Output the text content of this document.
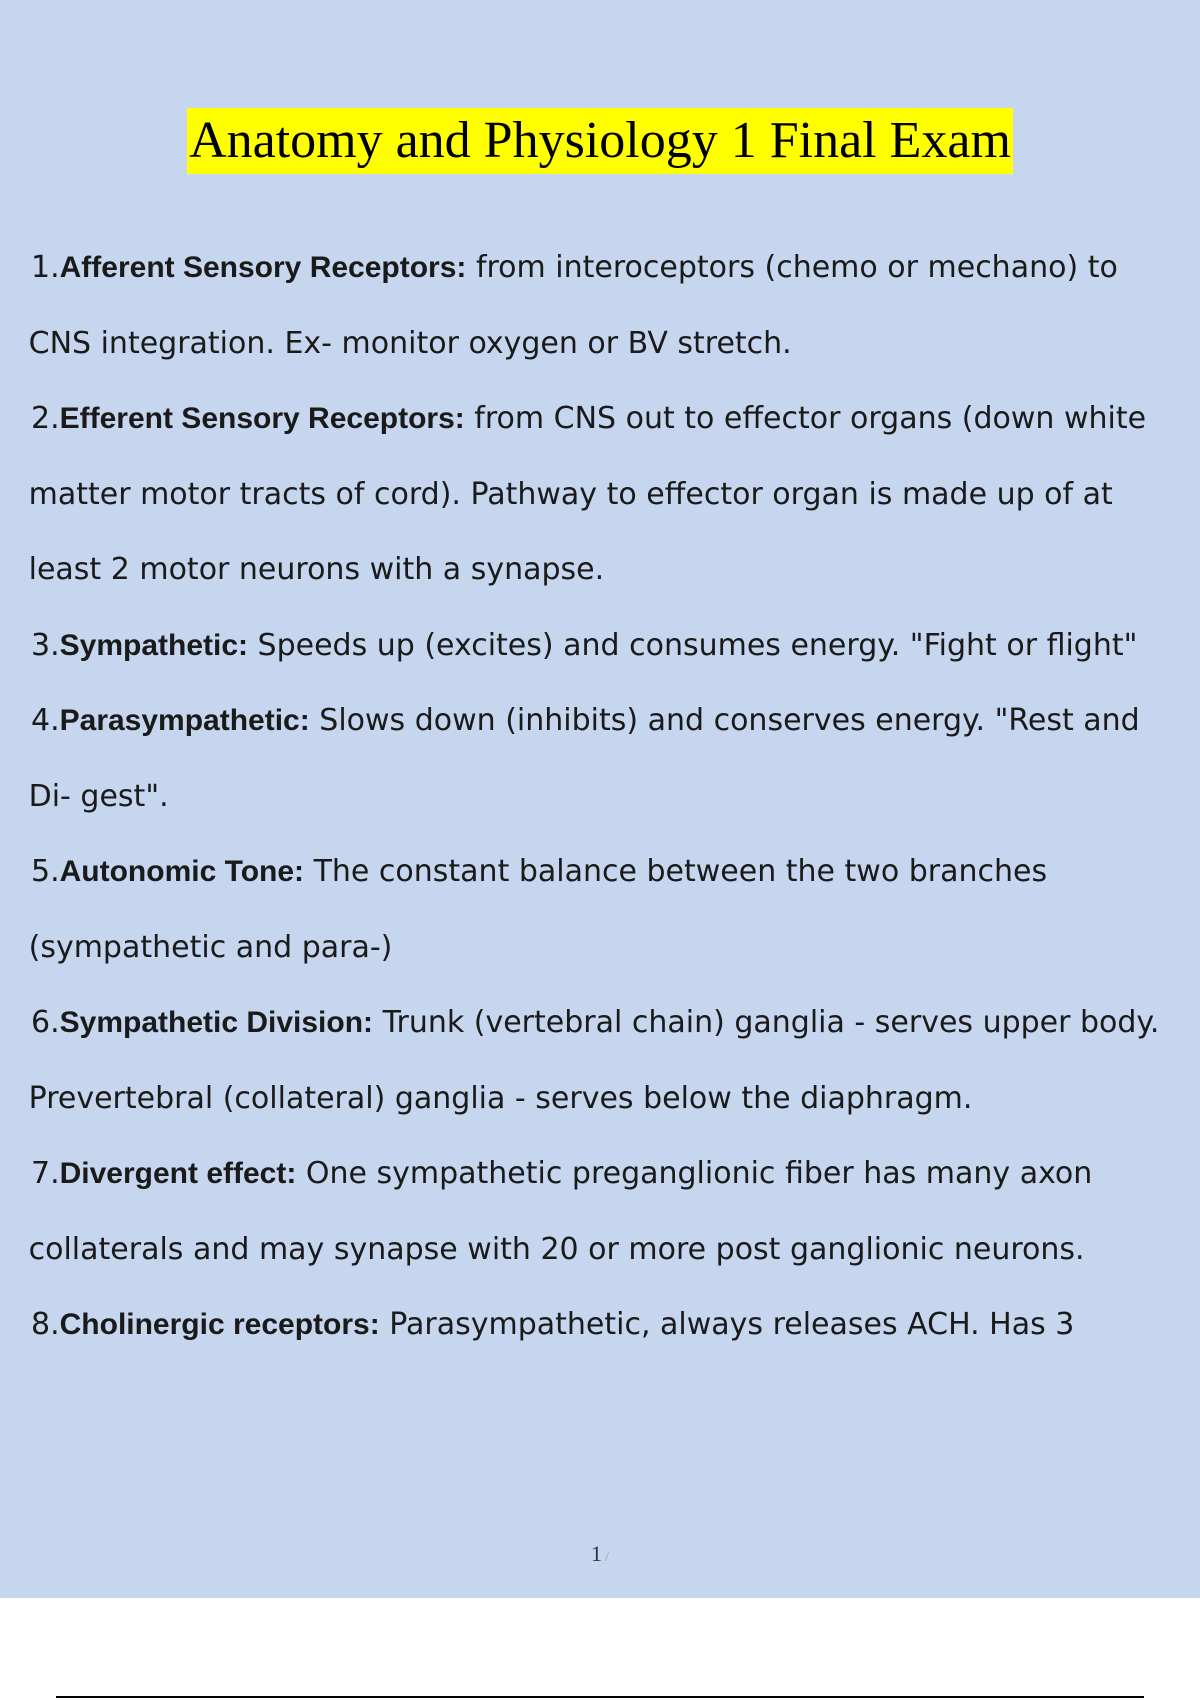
Anatomy and Physiology 1 Final Exam
1. Afferent Sensory Receptors: from interoceptors (chemo or mechano) to CNS integration. Ex- monitor oxygen or BV stretch.
2. Efferent Sensory Receptors: from CNS out to effector organs (down white matter motor tracts of cord). Pathway to effector organ is made up of at least 2 motor neurons with a synapse.
3. Sympathetic: Speeds up (excites) and consumes energy. "Fight or flight"
4. Parasympathetic: Slows down (inhibits) and conserves energy. "Rest and Di- gest".
5. Autonomic Tone: The constant balance between the two branches (sympathetic and para-)
6. Sympathetic Division: Trunk (vertebral chain) ganglia - serves upper body. Prevertebral (collateral) ganglia - serves below the diaphragm.
7. Divergent effect: One sympathetic preganglionic fiber has many axon collaterals and may synapse with 20 or more post ganglionic neurons.
8. Cholinergic receptors: Parasympathetic, always releases ACH. Has 3
1 /
